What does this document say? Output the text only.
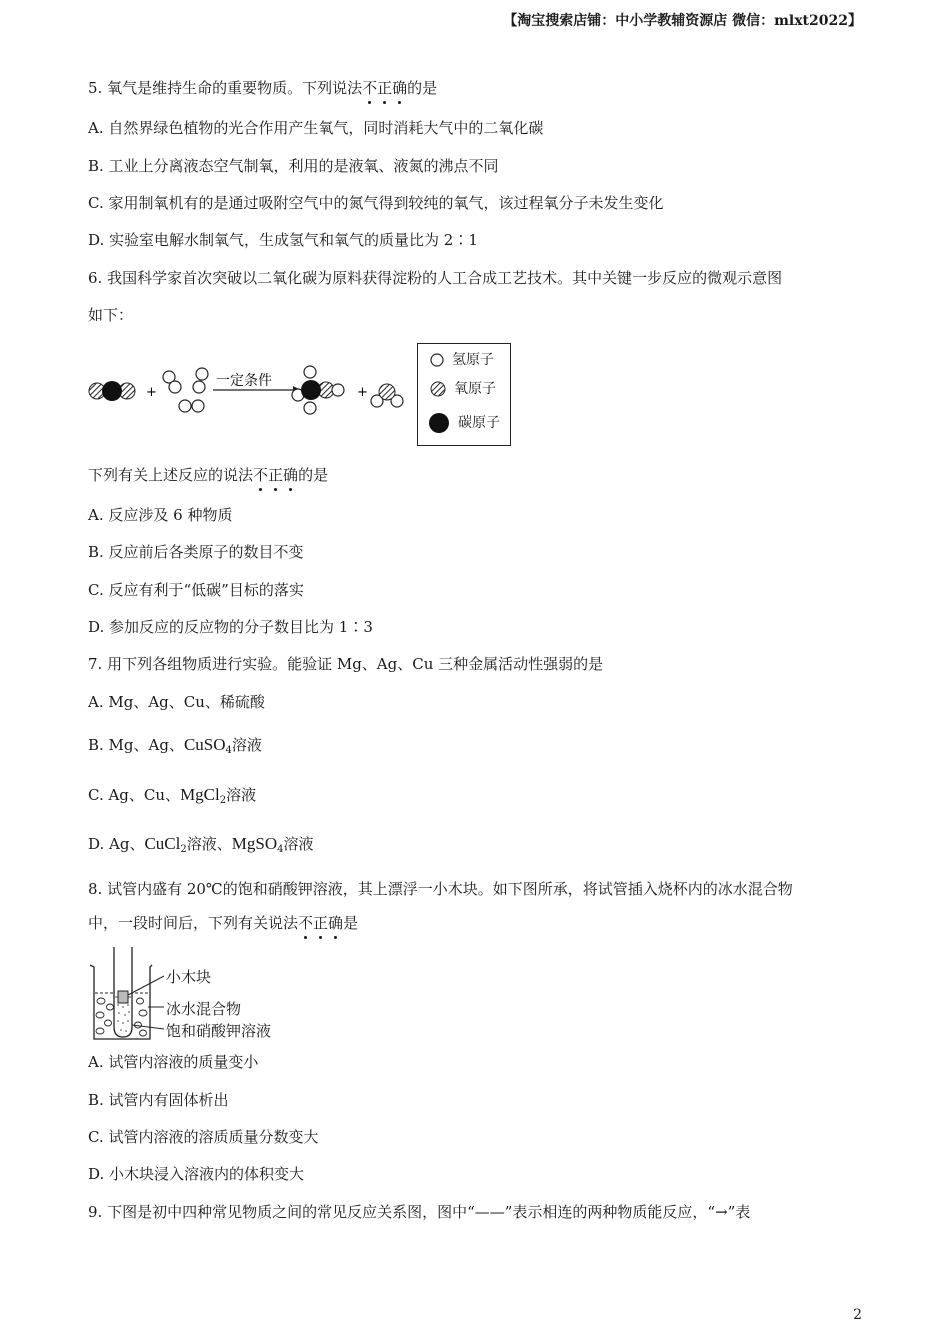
【淘宝搜索店铺：中小学教辅资源店 微信：mlxt2022】
5. 氧气是维持生命的重要物质。下列说法不正确的是
A. 自然界绿色植物的光合作用产生氧气，同时消耗大气中的二氧化碳
B. 工业上分离液态空气制氧，利用的是液氧、液氮的沸点不同
C. 家用制氧机有的是通过吸附空气中的氮气得到较纯的氧气，该过程氧分子未发生变化
D. 实验室电解水制氧气，生成氢气和氧气的质量比为 2∶1
6. 我国科学家首次突破以二氧化碳为原料获得淀粉的人工合成工艺技术。其中关键一步反应的微观示意图
如下：
+
一定条件
+
氢原子
氧原子
碳原子
下列有关上述反应的说法不正确的是
A. 反应涉及 6 种物质
B. 反应前后各类原子的数目不变
C. 反应有利于“低碳”目标的落实
D. 参加反应的反应物的分子数目比为 1∶3
7. 用下列各组物质进行实验。能验证 Mg、Ag、Cu 三种金属活动性强弱的是
A. Mg、Ag、Cu、稀硫酸
B. Mg、Ag、CuSO$_4$溶液
C. Ag、Cu、MgCl$_2$溶液
D. Ag、CuCl$_2$溶液、MgSO$_4$溶液
8. 试管内盛有 20℃的饱和硝酸钾溶液，其上漂浮一小木块。如下图所承，将试管插入烧杯内的冰水混合物
中，一段时间后，下列有关说法不正确是
小木块
冰水混合物
饱和硝酸钾溶液
A. 试管内溶液的质量变小
B. 试管内有固体析出
C. 试管内溶液的溶质质量分数变大
D. 小木块浸入溶液内的体积变大
9. 下图是初中四种常见物质之间的常见反应关系图，图中“——”表示相连的两种物质能反应，“→”表
2
